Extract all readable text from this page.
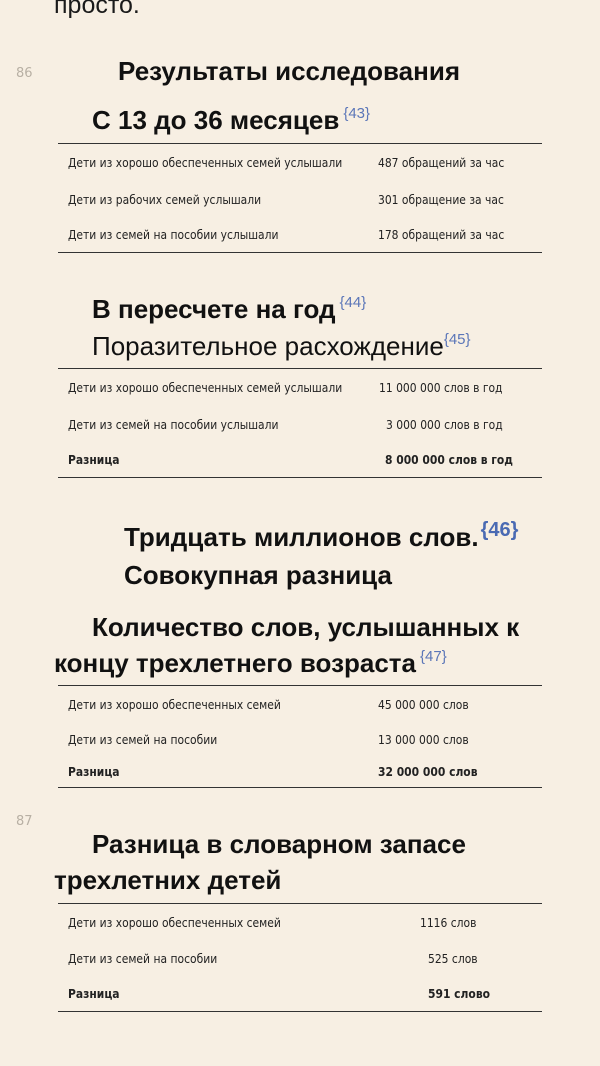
просто.
86	Результаты исследования
С 13 до 36 месяцев $^{\{43\}}$
Дети из хорошо обеспеченных семей услышали	487 обращений за час
Дети из рабочих семей услышали	301 обращение за час
Дети из семей на пособии услышали	178 обращений за час
В пересчете на год $^{\{44\}}$
Поразительное расхождение$^{\{45\}}$
Дети из хорошо обеспеченных семей услышали	11 000 000 слов в год
Дети из семей на пособии услышали	3 000 000 слов в год
Разница	8 000 000 слов в год
Тридцать миллионов слов. $^{\{46\}}$
Совокупная разница
Количество слов, услышанных к
концу трехлетнего возраста $^{\{47\}}$
Дети из хорошо обеспеченных семей	45 000 000 слов
Дети из семей на пособии	13 000 000 слов
Разница	32 000 000 слов
87
Разница в словарном запасе
трехлетних детей
Дети из хорошо обеспеченных семей	1116 слов
Дети из семей на пособии	525 слов
Разница	591 слово
